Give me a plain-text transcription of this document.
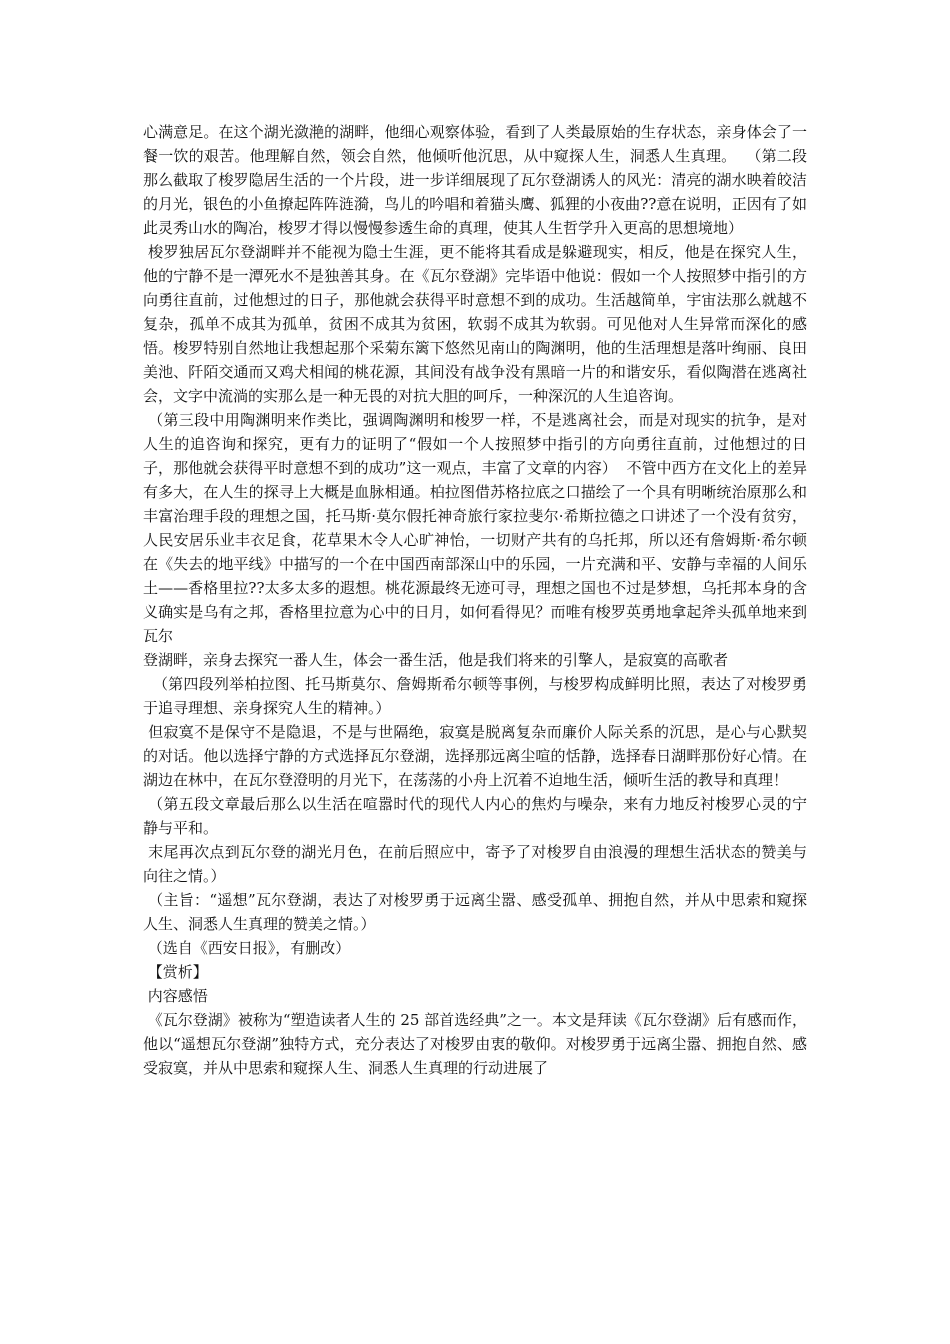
心满意足。在这个湖光潋滟的湖畔，他细心观察体验，看到了人类最原始的生存状态，亲身体会了一餐一饮的艰苦。他理解自然，领会自然，他倾听他沉思，从中窥探人生，洞悉人生真理。  （第二段那么截取了梭罗隐居生活的一个片段，进一步详细展现了瓦尔登湖诱人的风光：清亮的湖水映着皎洁的月光，银色的小鱼撩起阵阵涟漪，鸟儿的吟唱和着猫头鹰、狐狸的小夜曲??意在说明，正因有了如此灵秀山水的陶冶，梭罗才得以慢慢参透生命的真理，使其人生哲学升入更高的思想境地）

梭罗独居瓦尔登湖畔并不能视为隐士生涯，更不能将其看成是躲避现实，相反，他是在探究人生，他的宁静不是一潭死水不是独善其身。在《瓦尔登湖》完毕语中他说：假如一个人按照梦中指引的方向勇往直前，过他想过的日子，那他就会获得平时意想不到的成功。生活越简单，宇宙法那么就越不复杂，孤单不成其为孤单，贫困不成其为贫困，软弱不成其为软弱。可见他对人生异常而深化的感悟。梭罗特别自然地让我想起那个采菊东篱下悠然见南山的陶渊明，他的生活理想是落叶绚丽、良田美池、阡陌交通而又鸡犬相闻的桃花源，其间没有战争没有黑暗一片的和谐安乐，看似陶潜在逃离社会，文字中流淌的实那么是一种无畏的对抗大胆的呵斥，一种深沉的人生追咨询。

（第三段中用陶渊明来作类比，强调陶渊明和梭罗一样，不是逃离社会，而是对现实的抗争，是对人生的追咨询和探究，更有力的证明了“假如一个人按照梦中指引的方向勇往直前，过他想过的日子，那他就会获得平时意想不到的成功”这一观点，丰富了文章的内容）  不管中西方在文化上的差异有多大，在人生的探寻上大概是血脉相通。柏拉图借苏格拉底之口描绘了一个具有明晰统治原那么和丰富治理手段的理想之国，托马斯·莫尔假托神奇旅行家拉斐尔·希斯拉德之口讲述了一个没有贫穷，人民安居乐业丰衣足食，花草果木令人心旷神怡，一切财产共有的乌托邦，所以还有詹姆斯·希尔顿在《失去的地平线》中描写的一个在中国西南部深山中的乐园，一片充满和平、安静与幸福的人间乐土——香格里拉??太多太多的遐想。桃花源最终无迹可寻，理想之国也不过是梦想，乌托邦本身的含义确实是乌有之邦，香格里拉意为心中的日月，如何看得见？而唯有梭罗英勇地拿起斧头孤单地来到瓦尔

登湖畔，亲身去探究一番人生，体会一番生活，他是我们将来的引擎人，是寂寞的高歌者

（第四段列举柏拉图、托马斯莫尔、詹姆斯希尔顿等事例，与梭罗构成鲜明比照，表达了对梭罗勇于追寻理想、亲身探究人生的精神。）

但寂寞不是保守不是隐退，不是与世隔绝，寂寞是脱离复杂而廉价人际关系的沉思，是心与心默契的对话。他以选择宁静的方式选择瓦尔登湖，选择那远离尘喧的恬静，选择春日湖畔那份好心情。在湖边在林中，在瓦尔登澄明的月光下，在荡荡的小舟上沉着不迫地生活，倾听生活的教导和真理！

（第五段文章最后那么以生活在喧嚣时代的现代人内心的焦灼与噪杂，来有力地反衬梭罗心灵的宁静与平和。

末尾再次点到瓦尔登的湖光月色，在前后照应中，寄予了对梭罗自由浪漫的理想生活状态的赞美与向往之情。）

（主旨：“遥想”瓦尔登湖，表达了对梭罗勇于远离尘嚣、感受孤单、拥抱自然，并从中思索和窥探人生、洞悉人生真理的赞美之情。）

（选自《西安日报》，有删改）

【赏析】

内容感悟

《瓦尔登湖》被称为“塑造读者人生的 25 部首选经典”之一。本文是拜读《瓦尔登湖》后有感而作，他以“遥想瓦尔登湖”独特方式，充分表达了对梭罗由衷的敬仰。对梭罗勇于远离尘嚣、拥抱自然、感受寂寞，并从中思索和窥探人生、洞悉人生真理的行动进展了
